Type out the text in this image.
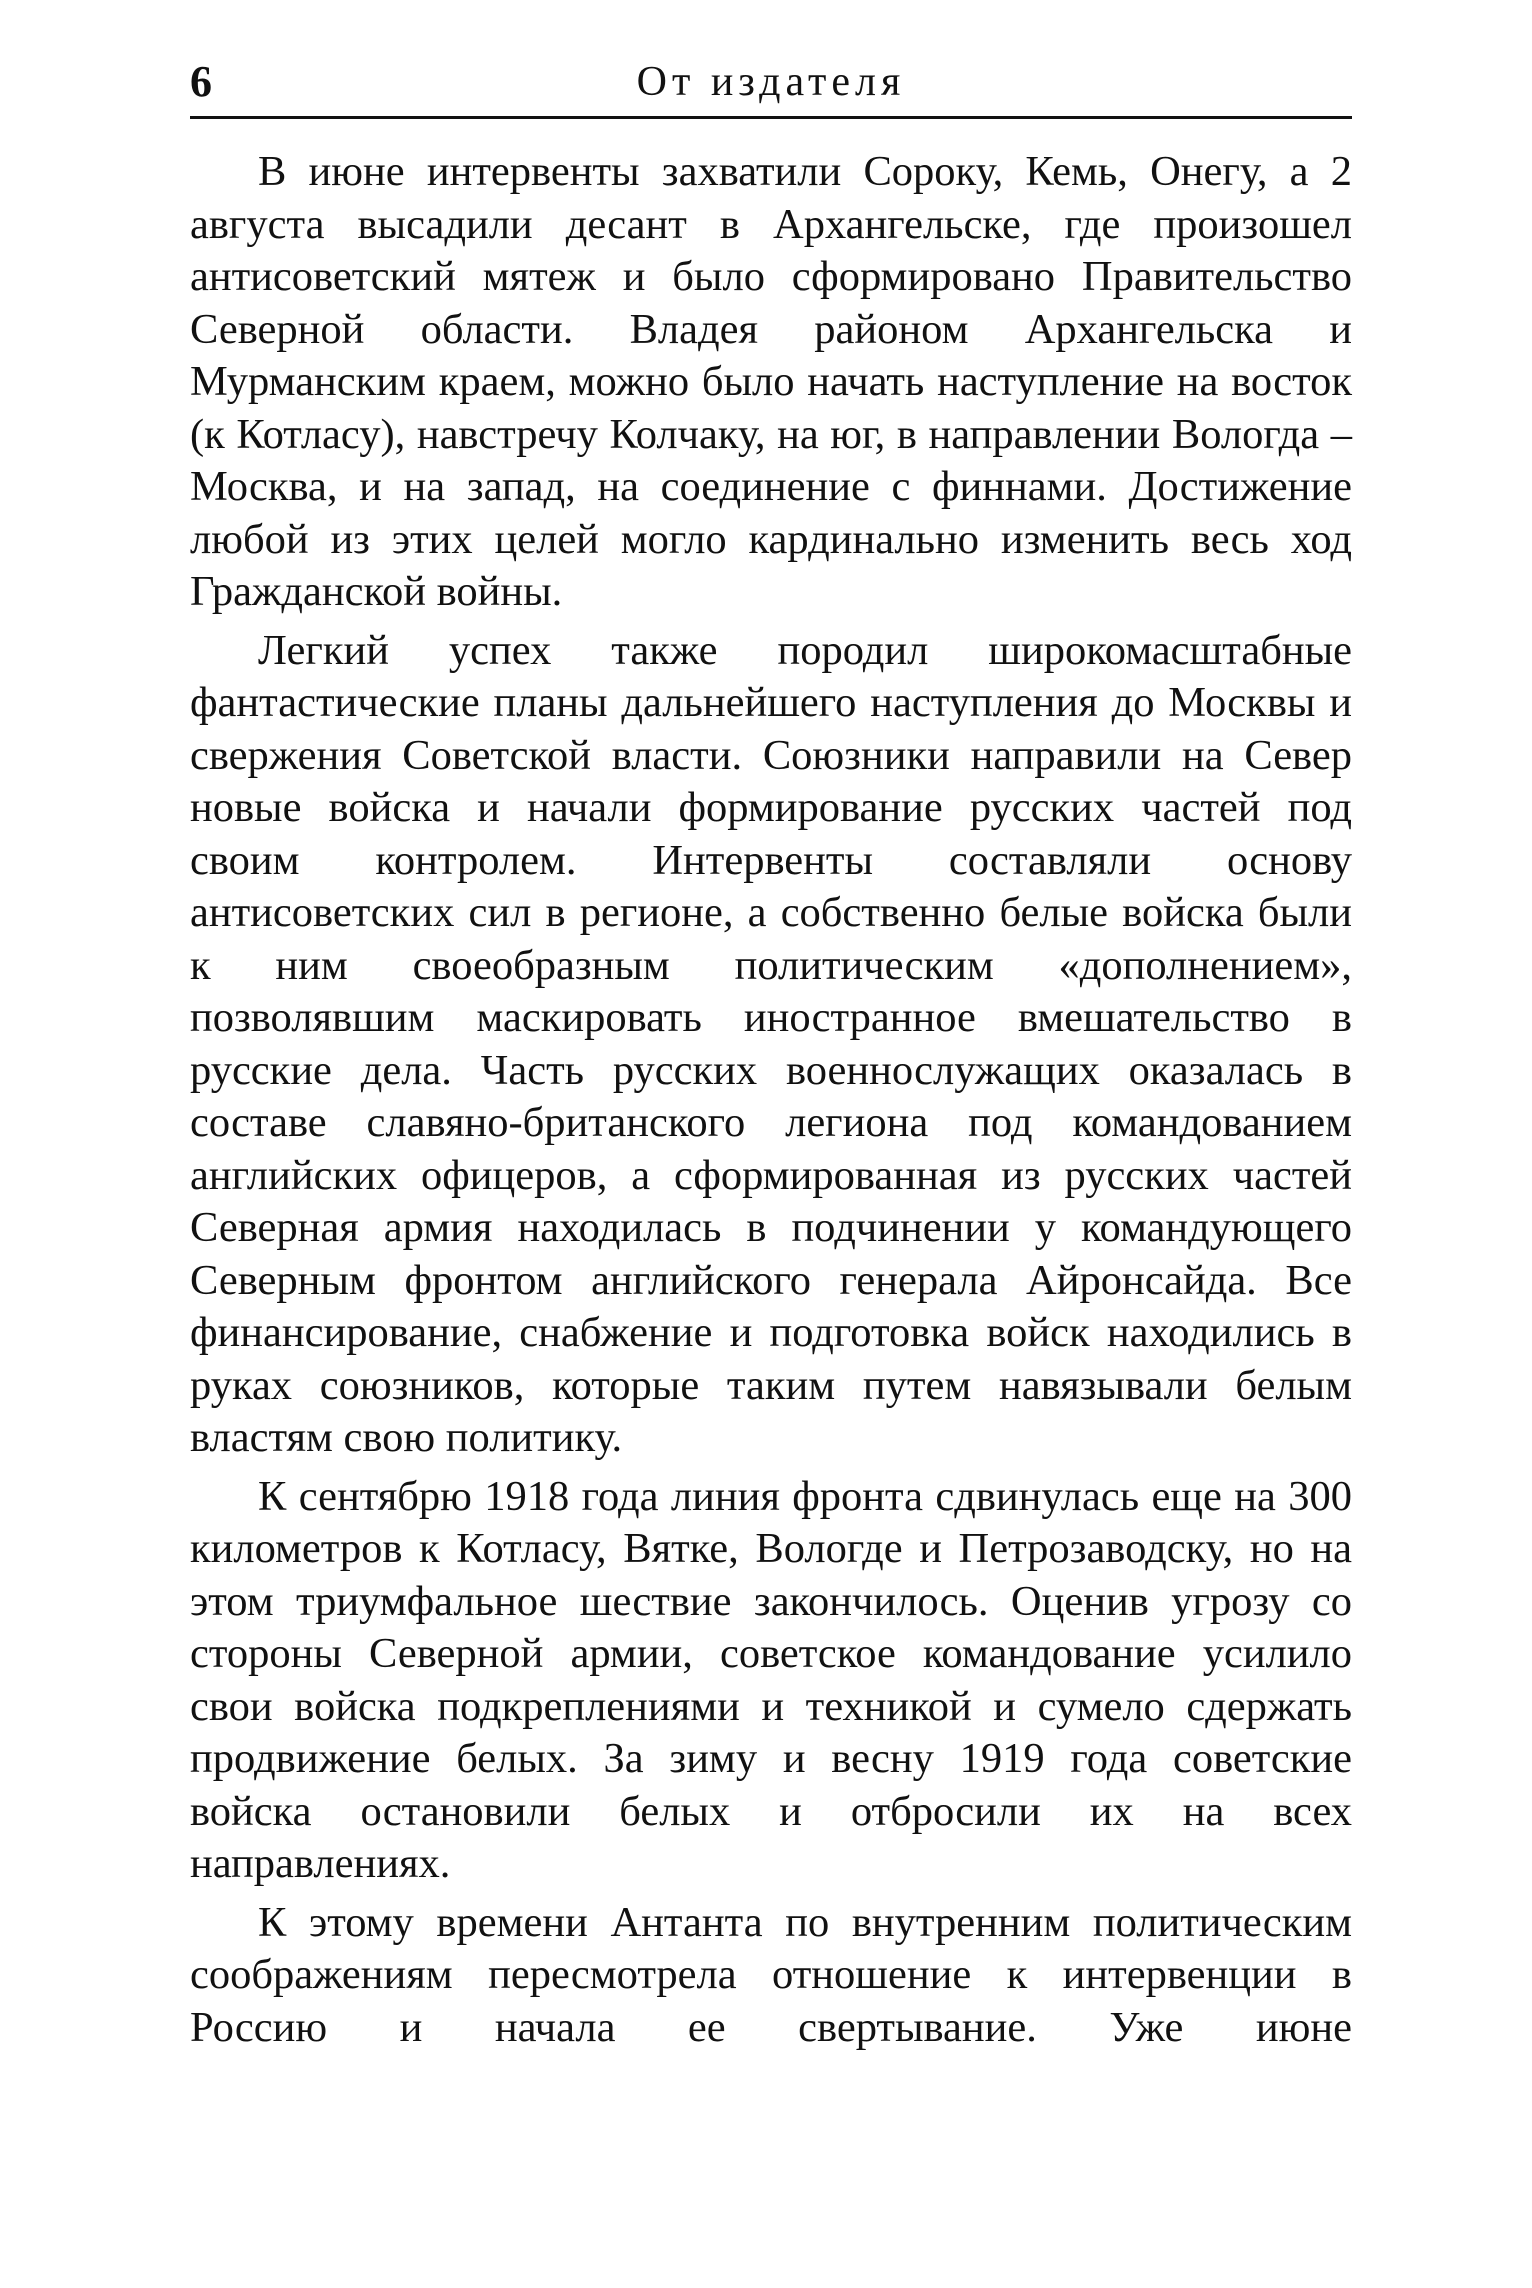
6	От издателя

В июне интервенты захватили Сороку, Кемь, Онегу, а 2 августа высадили десант в Архангельске, где произошел антисоветский мятеж и было сформировано Правительство Северной области. Владея районом Архангельска и Мурманским краем, можно было начать наступление на восток (к Котласу), навстречу Колчаку, на юг, в направлении Вологда – Москва, и на запад, на соединение с финнами. Достижение любой из этих целей могло кардинально изменить весь ход Гражданской войны.

Легкий успех также породил широкомасштабные фантастические планы дальнейшего наступления до Москвы и свержения Советской власти. Союзники направили на Север новые войска и начали формирование русских частей под своим контролем. Интервенты составляли основу антисоветских сил в регионе, а собственно белые войска были к ним своеобразным политическим «дополнением», позволявшим маскировать иностранное вмешательство в русские дела. Часть русских военнослужащих оказалась в составе славяно-британского легиона под командованием английских офицеров, а сформированная из русских частей Северная армия находилась в подчинении у командующего Северным фронтом английского генерала Айронсайда. Все финансирование, снабжение и подготовка войск находились в руках союзников, которые таким путем навязывали белым властям свою политику.

К сентябрю 1918 года линия фронта сдвинулась еще на 300 километров к Котласу, Вятке, Вологде и Петрозаводску, но на этом триумфальное шествие закончилось. Оценив угрозу со стороны Северной армии, советское командование усилило свои войска подкреплениями и техникой и сумело сдержать продвижение белых. За зиму и весну 1919 года советские войска остановили белых и отбросили их на всех направлениях.

К этому времени Антанта по внутренним политическим соображениям пересмотрела отношение к интервенции в Россию и начала ее свертывание. Уже июне
